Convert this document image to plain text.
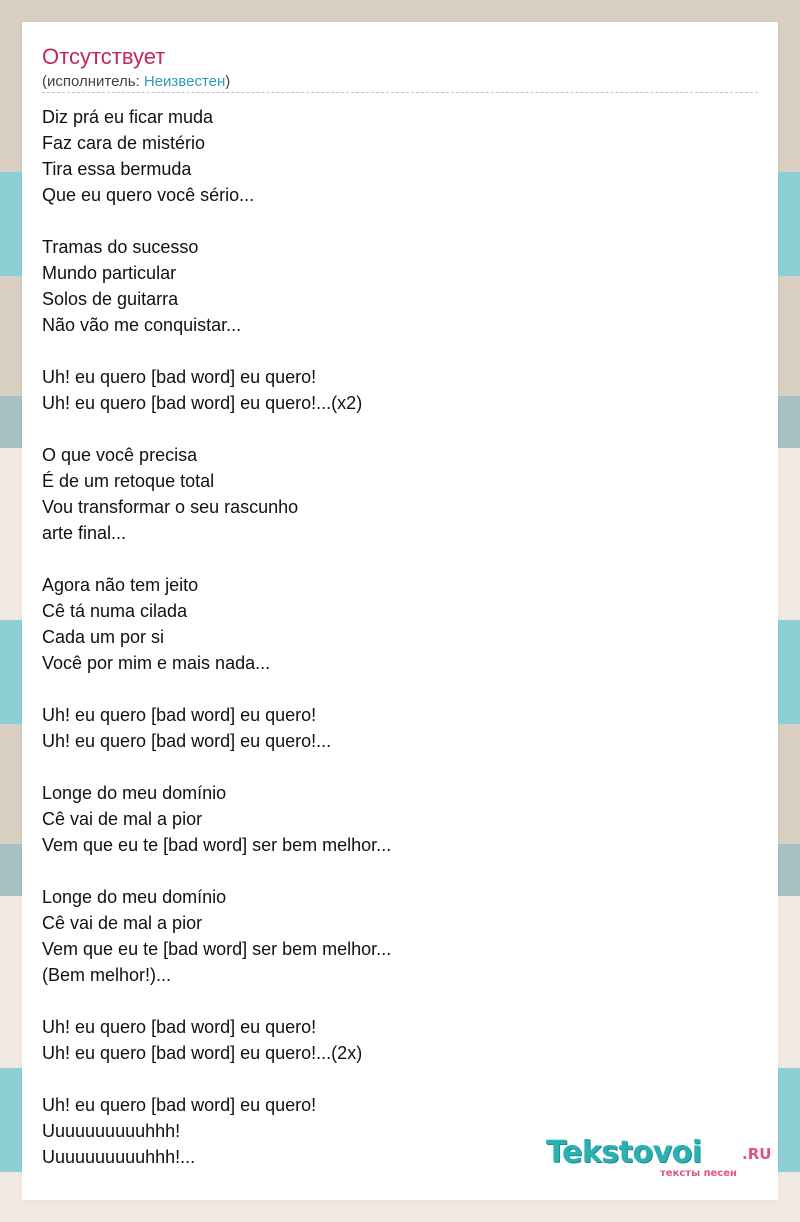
Отсутствует
(исполнитель: Неизвестен)
Diz prá eu ficar muda
Faz cara de mistério
Tira essa bermuda
Que eu quero você sério...
Tramas do sucesso
Mundo particular
Solos de guitarra
Não vão me conquistar...
Uh! eu quero [bad word] eu quero!
Uh! eu quero [bad word] eu quero!...(x2)
O que você precisa
É de um retoque total
Vou transformar o seu rascunho
arte final...
Agora não tem jeito
Cê tá numa cilada
Cada um por si
Você por mim e mais nada...
Uh! eu quero [bad word] eu quero!
Uh! eu quero [bad word] eu quero!...
Longe do meu domínio
Cê vai de mal a pior
Vem que eu te [bad word] ser bem melhor...
Longe do meu domínio
Cê vai de mal a pior
Vem que eu te [bad word] ser bem melhor...
(Bem melhor!)...
Uh! eu quero [bad word] eu quero!
Uh! eu quero [bad word] eu quero!...(2x)
Uh! eu quero [bad word] eu quero!
Uuuuuuuuuuhhh!
Uuuuuuuuuuhhh!...	Tekstovoi	.RU
тексты песен
